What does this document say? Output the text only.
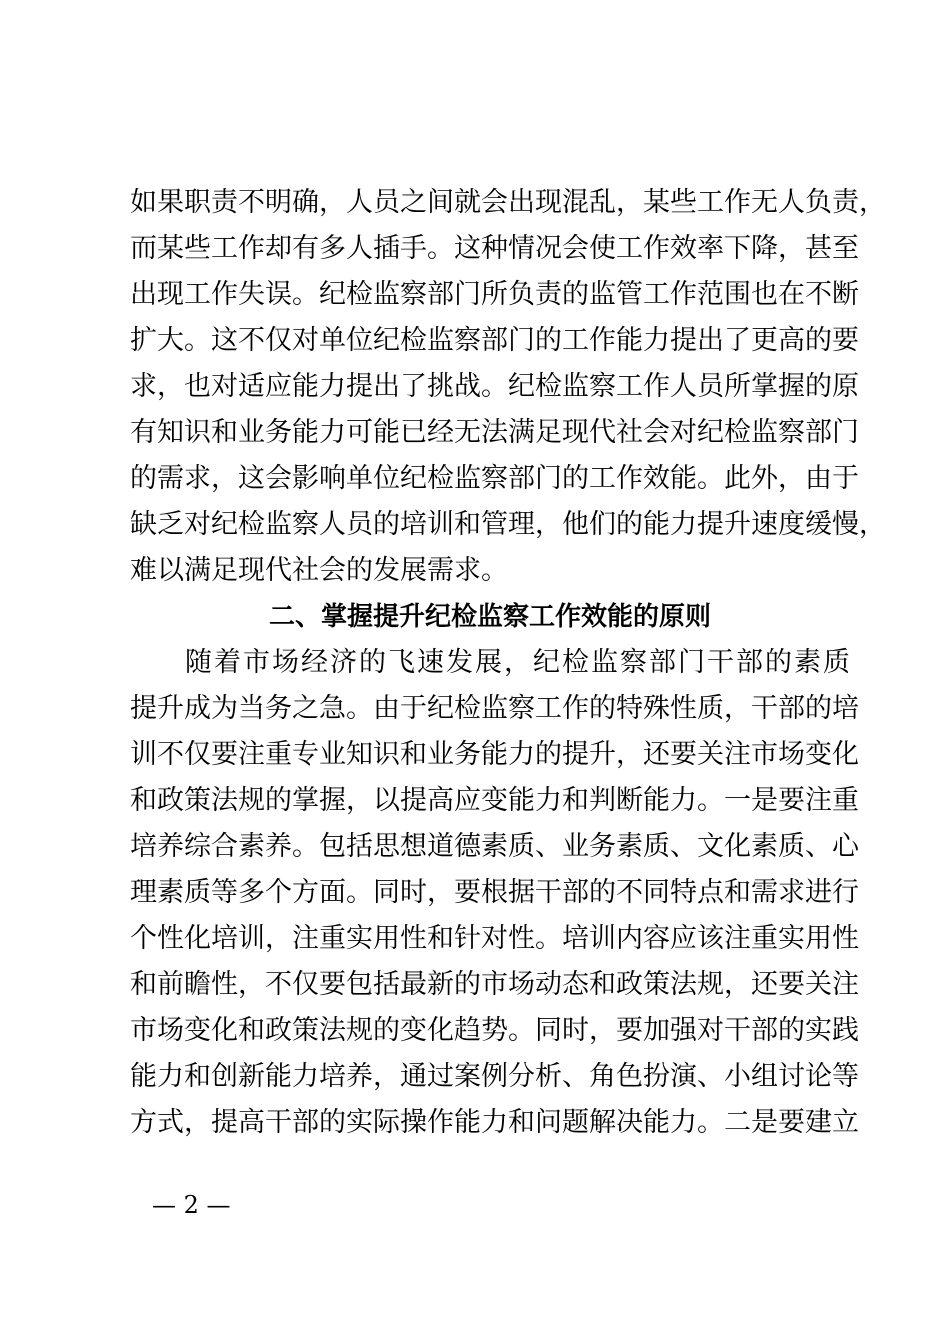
如果职责不明确，人员之间就会出现混乱，某些工作无人负责，
而某些工作却有多人插手。这种情况会使工作效率下降，甚至
出现工作失误。纪检监察部门所负责的监管工作范围也在不断
扩大。这不仅对单位纪检监察部门的工作能力提出了更高的要
求，也对适应能力提出了挑战。纪检监察工作人员所掌握的原
有知识和业务能力可能已经无法满足现代社会对纪检监察部门
的需求，这会影响单位纪检监察部门的工作效能。此外，由于
缺乏对纪检监察人员的培训和管理，他们的能力提升速度缓慢，
难以满足现代社会的发展需求。
二、掌握提升纪检监察工作效能的原则
随着市场经济的飞速发展，纪检监察部门干部的素质
提升成为当务之急。由于纪检监察工作的特殊性质，干部的培
训不仅要注重专业知识和业务能力的提升，还要关注市场变化
和政策法规的掌握，以提高应变能力和判断能力。一是要注重
培养综合素养。包括思想道德素质、业务素质、文化素质、心
理素质等多个方面。同时，要根据干部的不同特点和需求进行
个性化培训，注重实用性和针对性。培训内容应该注重实用性
和前瞻性，不仅要包括最新的市场动态和政策法规，还要关注
市场变化和政策法规的变化趋势。同时，要加强对干部的实践
能力和创新能力培养，通过案例分析、角色扮演、小组讨论等
方式，提高干部的实际操作能力和问题解决能力。二是要建立
— 2 —
